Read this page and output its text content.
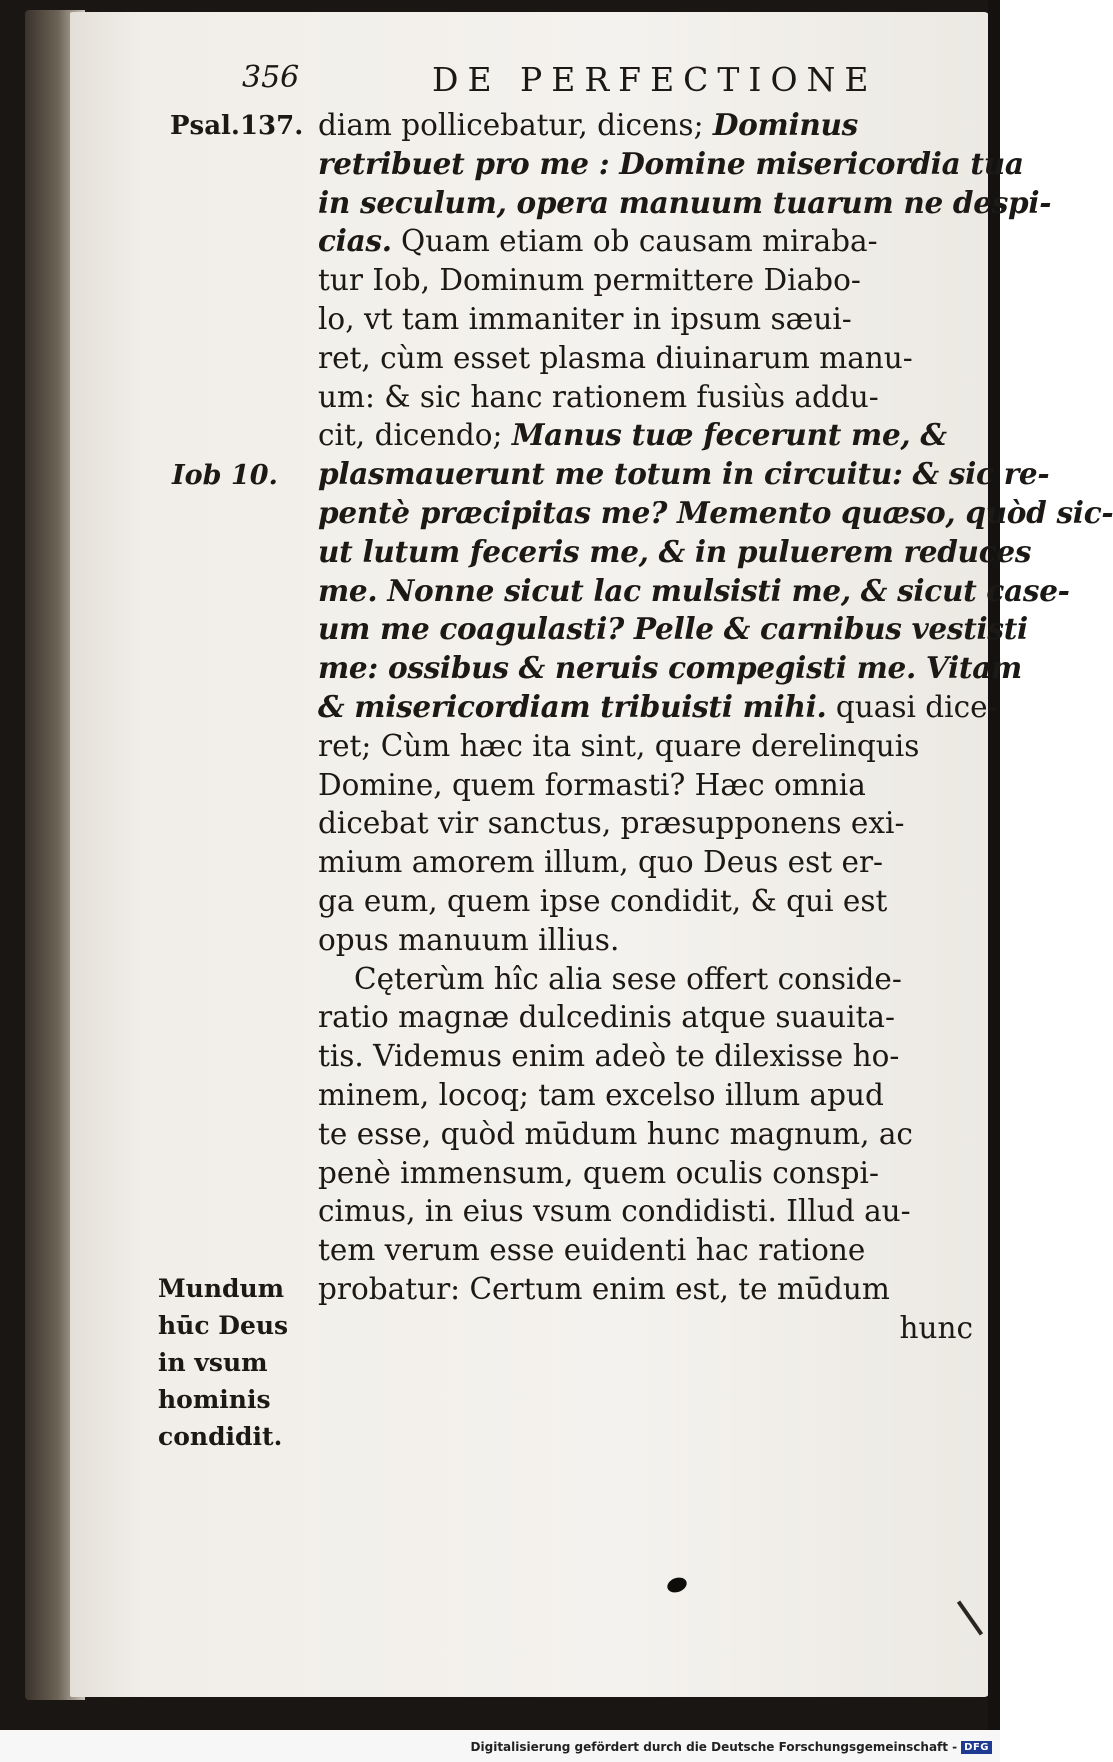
356	DE PERFECTIONE
Psal.137.
Iob 10.
Mundum
hūc Deus
in vsum
hominis
condidit.
diam pollicebatur, dicens; Dominus
retribuet pro me : Domine misericordia tua
in seculum, opera manuum tuarum ne despi-
cias. Quam etiam ob causam miraba-
tur Iob, Dominum permittere Diabo-
lo, vt tam immaniter in ipsum sæui-
ret, cùm esset plasma diuinarum manu-
um: & sic hanc rationem fusiùs addu-
cit, dicendo; Manus tuæ fecerunt me, &
plasmauerunt me totum in circuitu: & sic re-
pentè præcipitas me? Memento quæso, quòd sic-
ut lutum feceris me, & in puluerem reduces
me. Nonne sicut lac mulsisti me, & sicut case-
um me coagulasti? Pelle & carnibus vestisti
me: ossibus & neruis compegisti me. Vitam
& misericordiam tribuisti mihi. quasi dice-
ret; Cùm hæc ita sint, quare derelinquis
Domine, quem formasti? Hæc omnia
dicebat vir sanctus, præsupponens exi-
mium amorem illum, quo Deus est er-
ga eum, quem ipse condidit, & qui est
opus manuum illius.
Cęterùm hîc alia sese offert conside-
ratio magnæ dulcedinis atque suauita-
tis. Videmus enim adeò te dilexisse ho-
minem, locoq; tam excelso illum apud
te esse, quòd mūdum hunc magnum, ac
penè immensum, quem oculis conspi-
cimus, in eius vsum condidisti. Illud au-
tem verum esse euidenti hac ratione
probatur: Certum enim est, te mūdum
hunc
Digitalisierung gefördert durch die Deutsche Forschungsgemeinschaft - DFG
